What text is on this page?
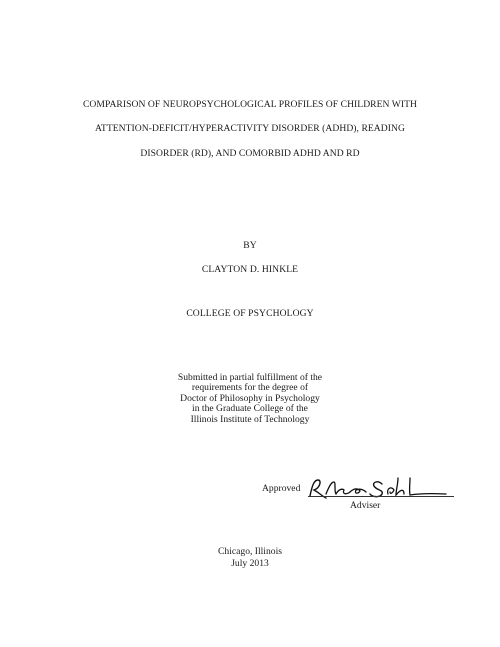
COMPARISON OF NEUROPSYCHOLOGICAL PROFILES OF CHILDREN WITH
ATTENTION-DEFICIT/HYPERACTIVITY DISORDER (ADHD), READING
DISORDER (RD), AND COMORBID ADHD AND RD
BY
CLAYTON D. HINKLE
COLLEGE OF PSYCHOLOGY
Submitted in partial fulfillment of the
requirements for the degree of
Doctor of Philosophy in Psychology
in the Graduate College of the
Illinois Institute of Technology
Approved
Adviser
Chicago, Illinois
July 2013
